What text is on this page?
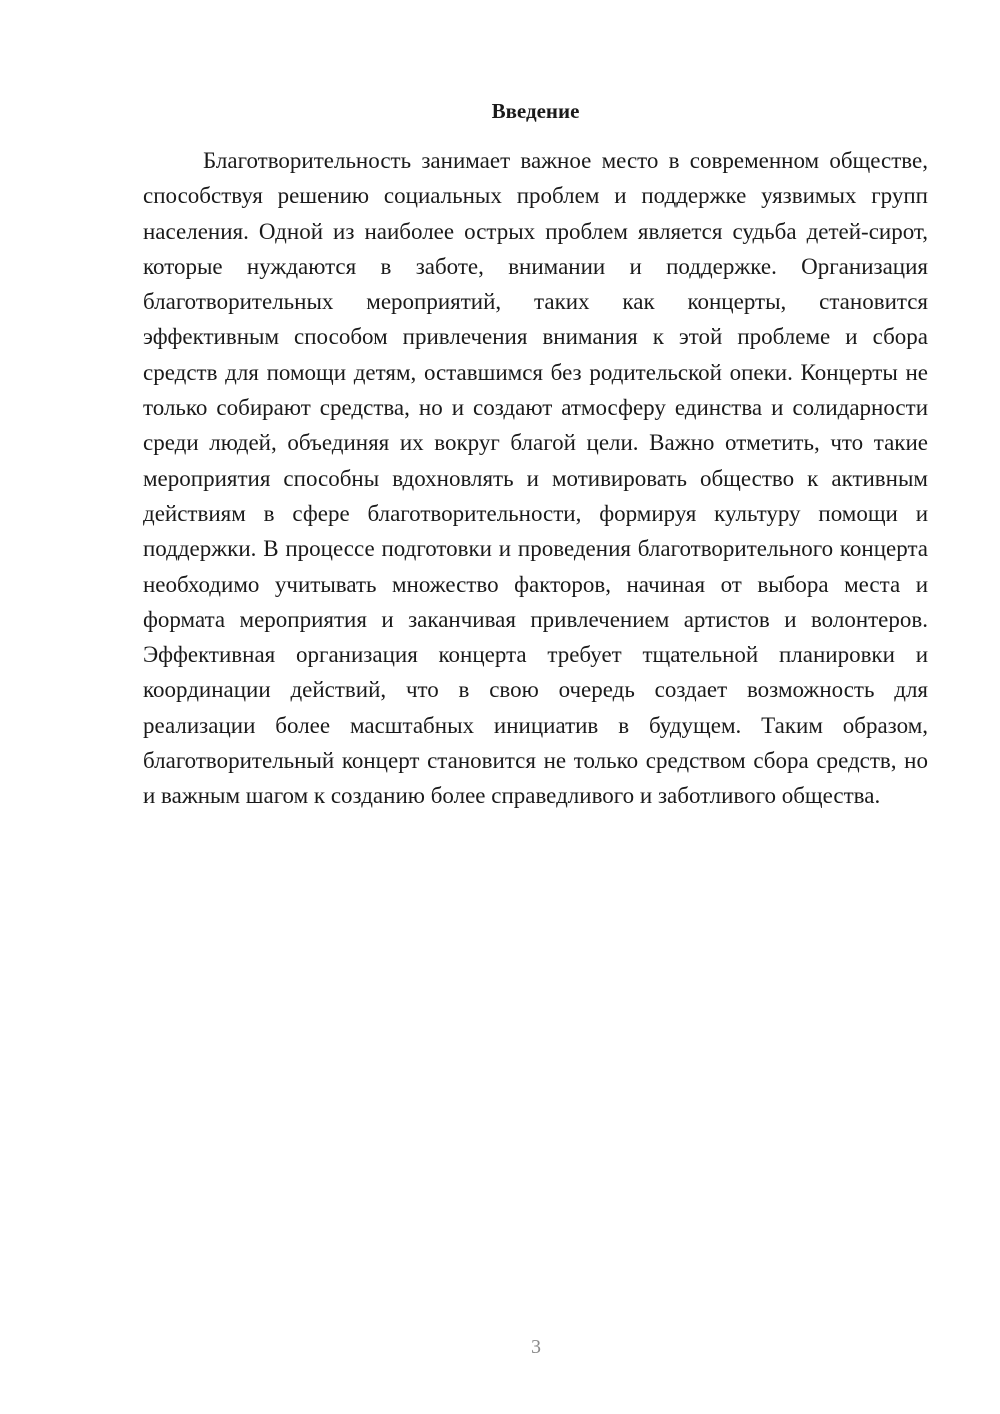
Введение

Благотворительность занимает важное место в современном обществе, способствуя решению социальных проблем и поддержке уязвимых групп населения. Одной из наиболее острых проблем является судьба детей-сирот, которые нуждаются в заботе, внимании и поддержке. Организация благотворительных мероприятий, таких как концерты, становится эффективным способом привлечения внимания к этой проблеме и сбора средств для помощи детям, оставшимся без родительской опеки. Концерты не только собирают средства, но и создают атмосферу единства и солидарности среди людей, объединяя их вокруг благой цели. Важно отметить, что такие мероприятия способны вдохновлять и мотивировать общество к активным действиям в сфере благотворительности, формируя культуру помощи и поддержки. В процессе подготовки и проведения благотворительного концерта необходимо учитывать множество факторов, начиная от выбора места и формата мероприятия и заканчивая привлечением артистов и волонтеров. Эффективная организация концерта требует тщательной планировки и координации действий, что в свою очередь создает возможность для реализации более масштабных инициатив в будущем. Таким образом, благотворительный концерт становится не только средством сбора средств, но и важным шагом к созданию более справедливого и заботливого общества.

3
